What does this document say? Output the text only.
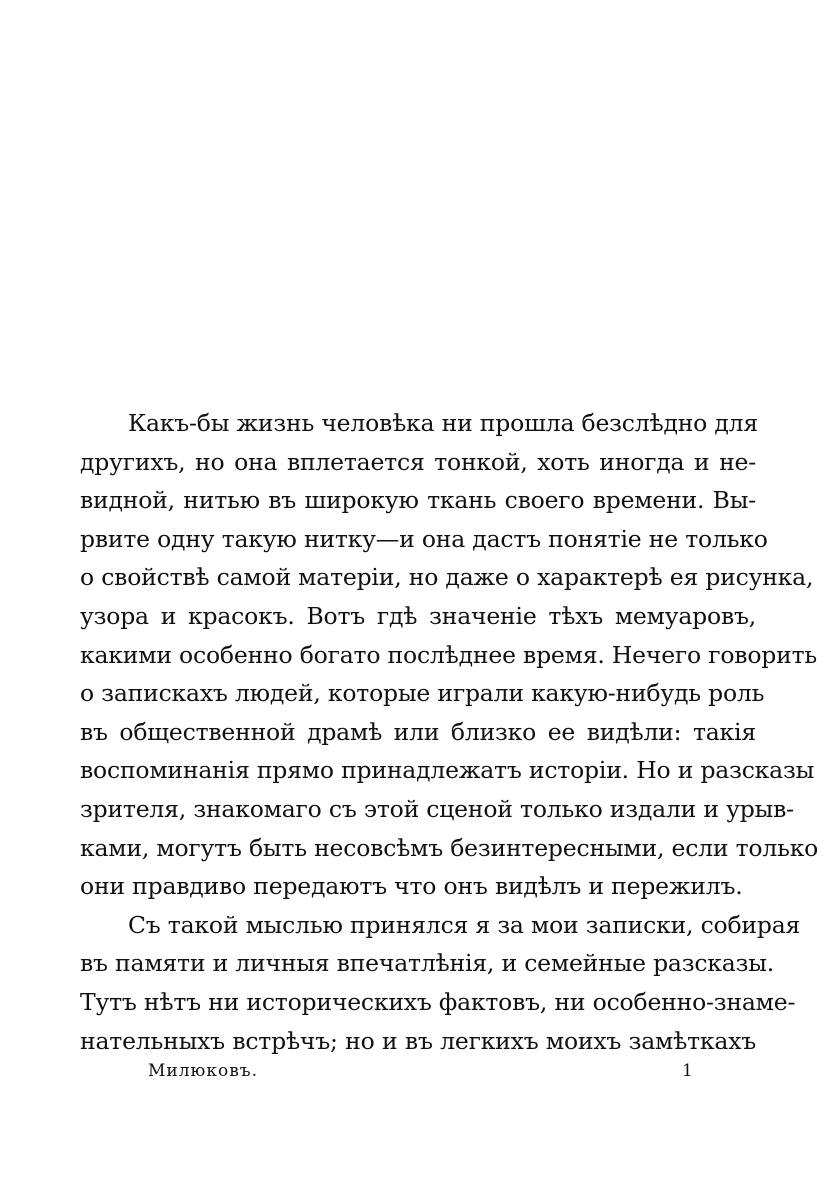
Какъ-бы жизнь человѣка ни прошла безслѣдно для
другихъ, но она вплетается тонкой, хоть иногда и не-
видной, нитью въ широкую ткань своего времени. Вы-
рвите одну такую нитку—и она дастъ понятіе не только
о свойствѣ самой матеріи, но даже о характерѣ ея рисунка,
узора и красокъ. Вотъ гдѣ значеніе тѣхъ мемуаровъ,
какими особенно богато послѣднее время. Нечего говорить
о запискахъ людей, которые играли какую-нибудь роль
въ общественной драмѣ или близко ее видѣли: такія
воспоминанія прямо принадлежатъ исторіи. Но и разсказы
зрителя, знакомаго съ этой сценой только издали и урыв-
ками, могутъ быть несовсѣмъ безинтересными, если только
они правдиво передаютъ что онъ видѣлъ и пережилъ.
Съ такой мыслью принялся я за мои записки, собирая
въ памяти и личныя впечатлѣнія, и семейные разсказы.
Тутъ нѣтъ ни историческихъ фактовъ, ни особенно-знаме-
нательныхъ встрѣчъ; но и въ легкихъ моихъ замѣткахъ
Милюковъ.	1
